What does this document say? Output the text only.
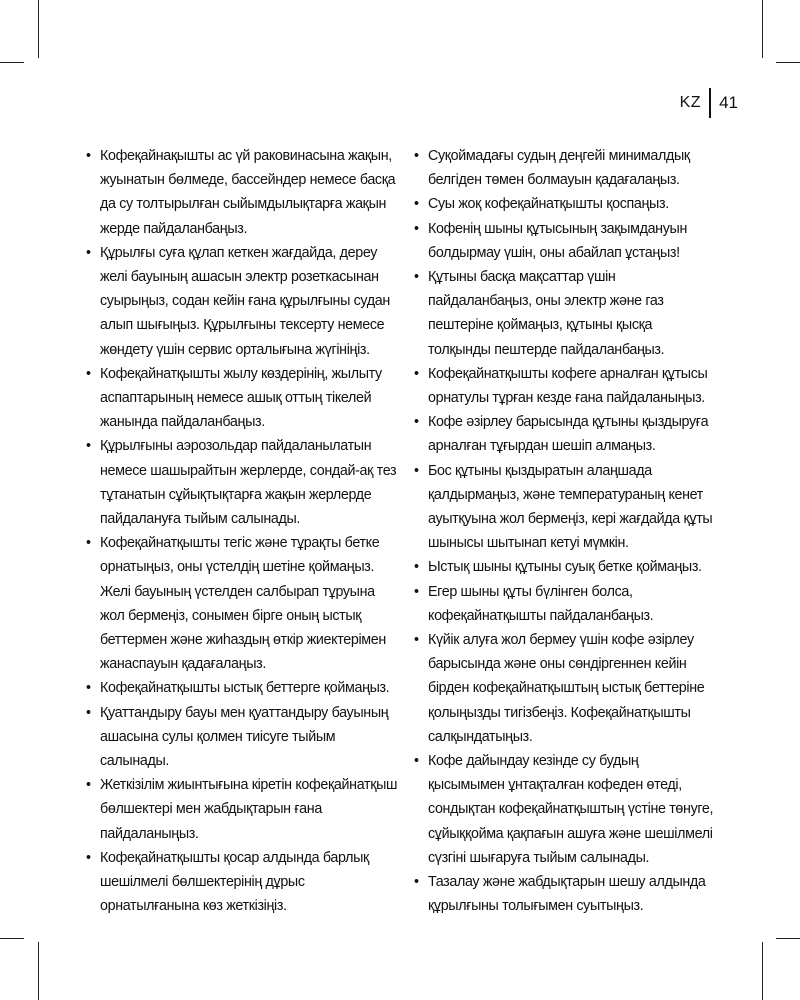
KZ 41
• Кофеқайнақышты ас үй раковинасына жақын, жуынатын бөлмеде, бассейндер немесе басқа да су толтырылған сыйымдылықтарға жақын жерде пайдаланбаңыз.
• Құрылғы суға құлап кеткен жағдайда, дереу желі бауының ашасын электр розеткасынан суырыңыз, содан кейін ғана құрылғыны судан алып шығыңыз. Құрылғыны тексерту немесе жөндету үшін сервис орталығына жүгініңіз.
• Кофеқайнатқышты жылу көздерінің, жылыту аспаптарының немесе ашық оттың тікелей жанында пайдаланбаңыз.
• Құрылғыны аэрозольдар пайдаланылатын немесе шашырайтын жерлерде, сондай-ақ тез тұтанатын сұйықтықтарға жақын жерлерде пайдалануға тыйым салынады.
• Кофеқайнатқышты тегіс және тұрақты бетке орнатыңыз, оны үстелдің шетіне қоймаңыз. Желі бауының үстелден салбырап тұруына жол бермеңіз, сонымен бірге оның ыстық беттермен және жиһаздың өткір жиектерімен жанаспауын қадағалаңыз.
• Кофеқайнатқышты ыстық беттерге қоймаңыз.
• Қуаттандыру бауы мен қуаттандыру бауының ашасына сулы қолмен тиісуге тыйым салынады.
• Жеткізілім жиынтығына кіретін кофеқайнатқыш бөлшектері мен жабдықтарын ғана пайдаланыңыз.
• Кофеқайнатқышты қосар алдында барлық шешілмелі бөлшектерінің дұрыс орнатылғанына көз жеткізіңіз.
• Суқоймадағы судың деңгейі минималдық белгіден төмен болмауын қадағалаңыз.
• Суы жоқ кофеқайнатқышты қоспаңыз.
• Кофенің шыны құтысының зақымдануын болдырмау үшін, оны абайлап ұстаңыз!
• Құтыны басқа мақсаттар үшін пайдаланбаңыз, оны электр және газ пештеріне қоймаңыз, құтыны қысқа толқынды пештерде пайдаланбаңыз.
• Кофеқайнатқышты кофеге арналған құтысы орнатулы тұрған кезде ғана пайдаланыңыз.
• Кофе әзірлеу барысында құтыны қыздыруға арналған тұғырдан шешіп алмаңыз.
• Бос құтыны қыздыратын алаңшада қалдырмаңыз, және температураның кенет ауытқуына жол бермеңіз, кері жағдайда құты шынысы шытынап кетуі мүмкін.
• Ыстық шыны құтыны суық бетке қоймаңыз.
• Егер шыны құты бүлінген болса, кофеқайнатқышты пайдаланбаңыз.
• Күйік алуға жол бермеу үшін кофе әзірлеу барысында және оны сөндіргеннен кейін бірден кофеқайнатқыштың ыстық беттеріне қолыңызды тигізбеңіз. Кофеқайнатқышты салқындатыңыз.
• Кофе дайындау кезінде су будың қысымымен ұнтақталған кофеден өтеді, сондықтан кофеқайнатқыштың үстіне төнуге, сұйыққойма қақпағын ашуға және шешілмелі сүзгіні шығаруға тыйым салынады.
• Тазалау және жабдықтарын шешу алдында құрылғыны толығымен суытыңыз.
